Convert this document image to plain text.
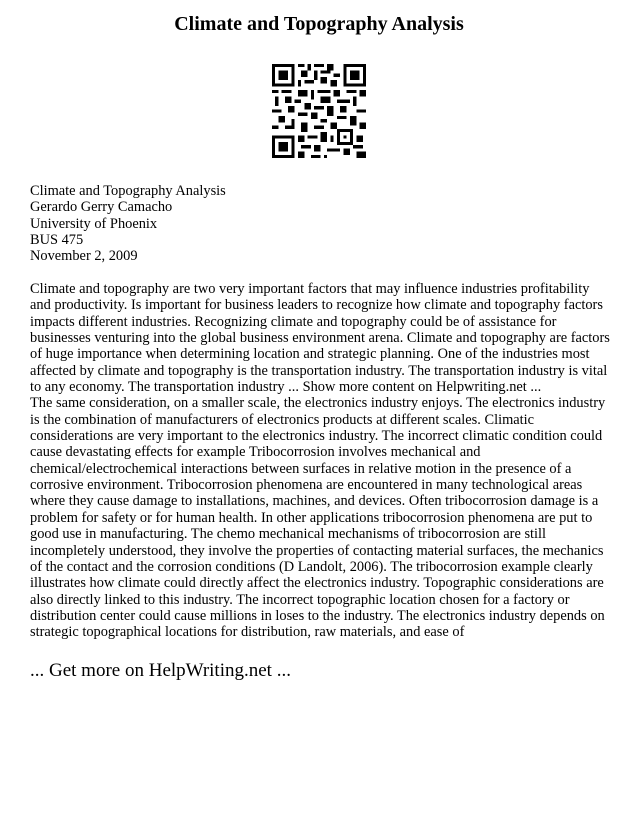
Climate and Topography Analysis
Climate and Topography Analysis
Gerardo Gerry Camacho
University of Phoenix
BUS 475
November 2, 2009

Climate and topography are two very important factors that may influence industries profitability and productivity. Is important for business leaders to recognize how climate and topography factors impacts different industries. Recognizing climate and topography could be of assistance for businesses venturing into the global business environment arena. Climate and topography are factors of huge importance when determining location and strategic planning. One of the industries most affected by climate and topography is the transportation industry. The transportation industry is vital to any economy. The transportation industry ... Show more content on Helpwriting.net ...

The same consideration, on a smaller scale, the electronics industry enjoys. The electronics industry is the combination of manufacturers of electronics products at different scales. Climatic considerations are very important to the electronics industry. The incorrect climatic condition could cause devastating effects for example Tribocorrosion involves mechanical and chemical/electrochemical interactions between surfaces in relative motion in the presence of a corrosive environment. Tribocorrosion phenomena are encountered in many technological areas where they cause damage to installations, machines, and devices. Often tribocorrosion damage is a problem for safety or for human health. In other applications tribocorrosion phenomena are put to good use in manufacturing. The chemo mechanical mechanisms of tribocorrosion are still incompletely understood, they involve the properties of contacting material surfaces, the mechanics of the contact and the corrosion conditions (D Landolt, 2006). The tribocorrosion example clearly illustrates how climate could directly affect the electronics industry. Topographic considerations are also directly linked to this industry. The incorrect topographic location chosen for a factory or distribution center could cause millions in loses to the industry. The electronics industry depends on strategic topographical locations for distribution, raw materials, and ease of

... Get more on HelpWriting.net ...
